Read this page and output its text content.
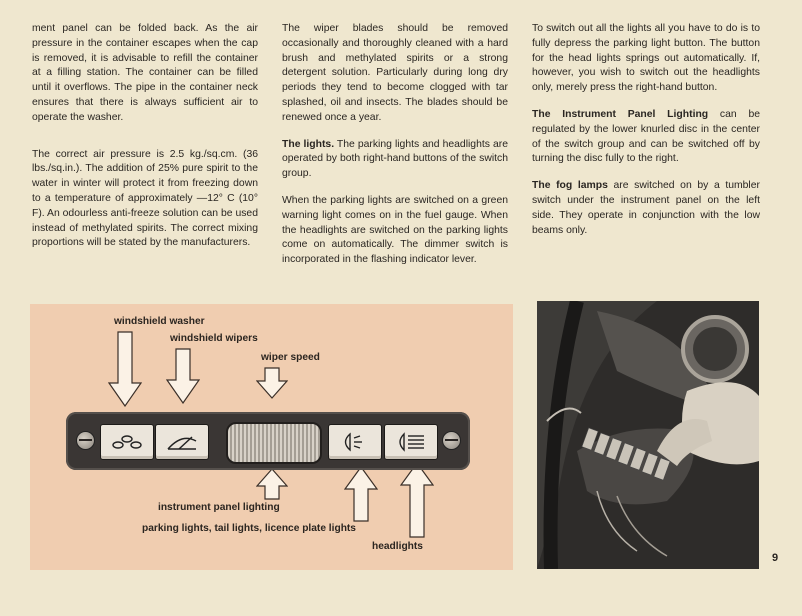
ment panel can be folded back. As the air pressure in the container escapes when the cap is removed, it is advisable to refill the container at a filling station. The container can be filled until it overflows. The pipe in the container neck ensures that there is always sufficient air to operate the washer.

The correct air pressure is 2.5 kg./sq.cm. (36 lbs./sq.in.). The addition of 25% pure spirit to the water in winter will protect it from freezing down to a temperature of approximately —12° C (10° F). An odourless anti-freeze solution can be used instead of methylated spirits. The correct mixing proportions will be stated by the manufacturers.

The wiper blades should be removed occasionally and thoroughly cleaned with a hard brush and methylated spirits or a strong detergent solution. Particularly during long dry periods they tend to become clogged with tar splashed, oil and insects. The blades should be renewed once a year.

The lights. The parking lights and headlights are operated by both right-hand buttons of the switch group.

When the parking lights are switched on a green warning light comes on in the fuel gauge. When the headlights are switched on the parking lights come on automatically. The dimmer switch is incorporated in the flashing indicator lever.

To switch out all the lights all you have to do is to fully depress the parking light button. The button for the head lights springs out automatically. If, however, you wish to switch out the headlights only, merely press the right-hand button.

The Instrument Panel Lighting can be regulated by the lower knurled disc in the center of the switch group and can be switched off by turning the disc fully to the right.

The fog lamps are switched on by a tumbler switch under the instrument panel on the left side. They operate in conjunction with the low beams only.

windshield washer
windshield wipers
wiper speed
instrument panel lighting
parking lights, tail lights, licence plate lights
headlights
9
